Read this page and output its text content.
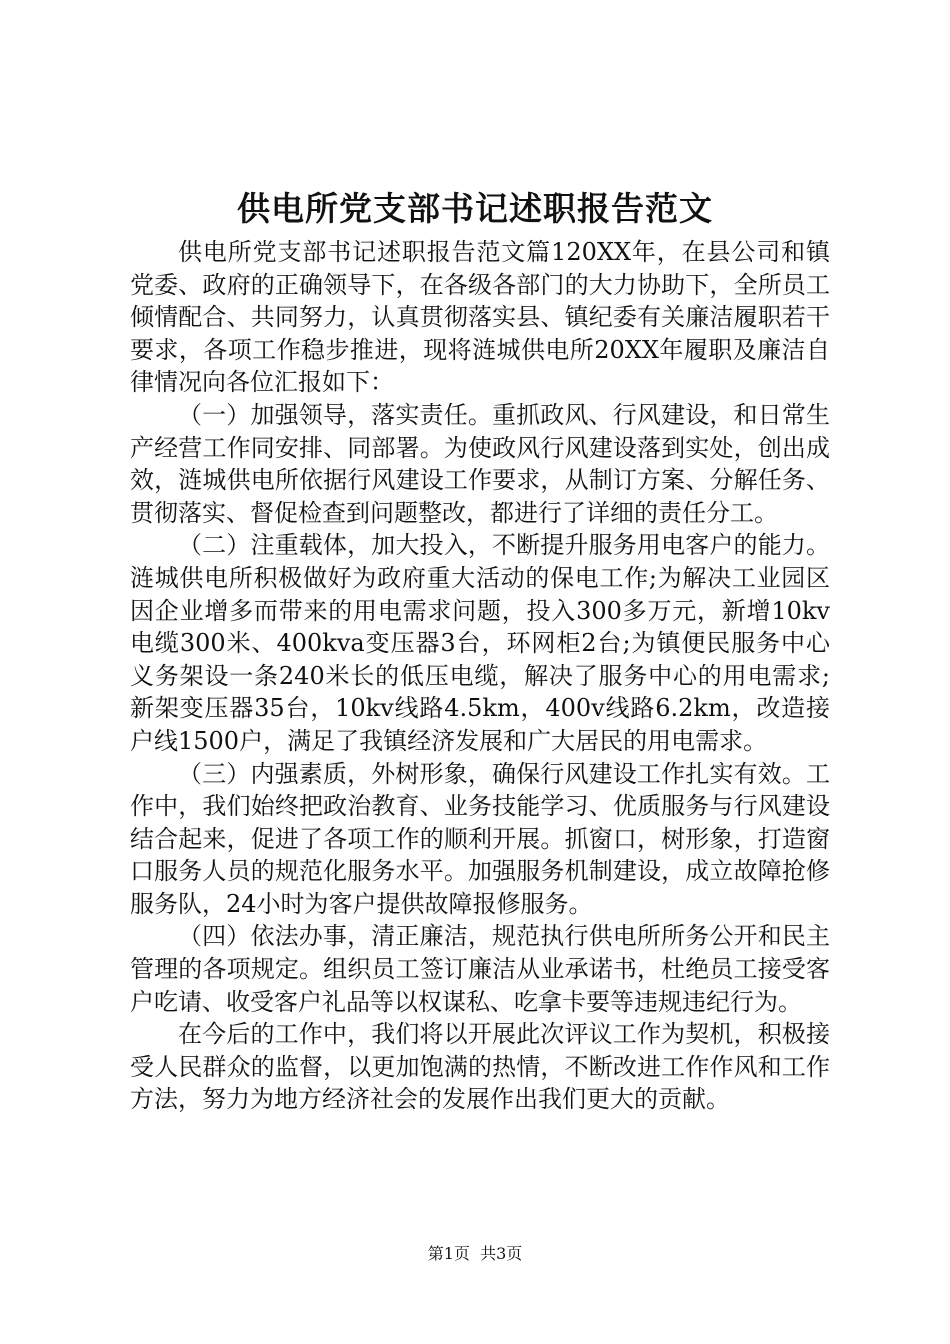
供电所党支部书记述职报告范文

供电所党支部书记述职报告范文篇120XX年，在县公司和镇党委、政府的正确领导下，在各级各部门的大力协助下，全所员工倾情配合、共同努力，认真贯彻落实县、镇纪委有关廉洁履职若干要求，各项工作稳步推进，现将涟城供电所20XX年履职及廉洁自律情况向各位汇报如下：

（一）加强领导，落实责任。重抓政风、行风建设，和日常生产经营工作同安排、同部署。为使政风行风建设落到实处，创出成效，涟城供电所依据行风建设工作要求，从制订方案、分解任务、贯彻落实、督促检查到问题整改，都进行了详细的责任分工。

（二）注重载体，加大投入，不断提升服务用电客户的能力。涟城供电所积极做好为政府重大活动的保电工作;为解决工业园区因企业增多而带来的用电需求问题，投入300多万元，新增10kv电缆300米、400kva变压器3台，环网柜2台;为镇便民服务中心义务架设一条240米长的低压电缆，解决了服务中心的用电需求;新架变压器35台，10kv线路4.5km，400v线路6.2km，改造接户线1500户，满足了我镇经济发展和广大居民的用电需求。

（三）内强素质，外树形象，确保行风建设工作扎实有效。工作中，我们始终把政治教育、业务技能学习、优质服务与行风建设结合起来，促进了各项工作的顺利开展。抓窗口，树形象，打造窗口服务人员的规范化服务水平。加强服务机制建设，成立故障抢修服务队，24小时为客户提供故障报修服务。

（四）依法办事，清正廉洁，规范执行供电所所务公开和民主管理的各项规定。组织员工签订廉洁从业承诺书，杜绝员工接受客户吃请、收受客户礼品等以权谋私、吃拿卡要等违规违纪行为。

在今后的工作中，我们将以开展此次评议工作为契机，积极接受人民群众的监督，以更加饱满的热情，不断改进工作作风和工作方法，努力为地方经济社会的发展作出我们更大的贡献。

第1页  共3页
